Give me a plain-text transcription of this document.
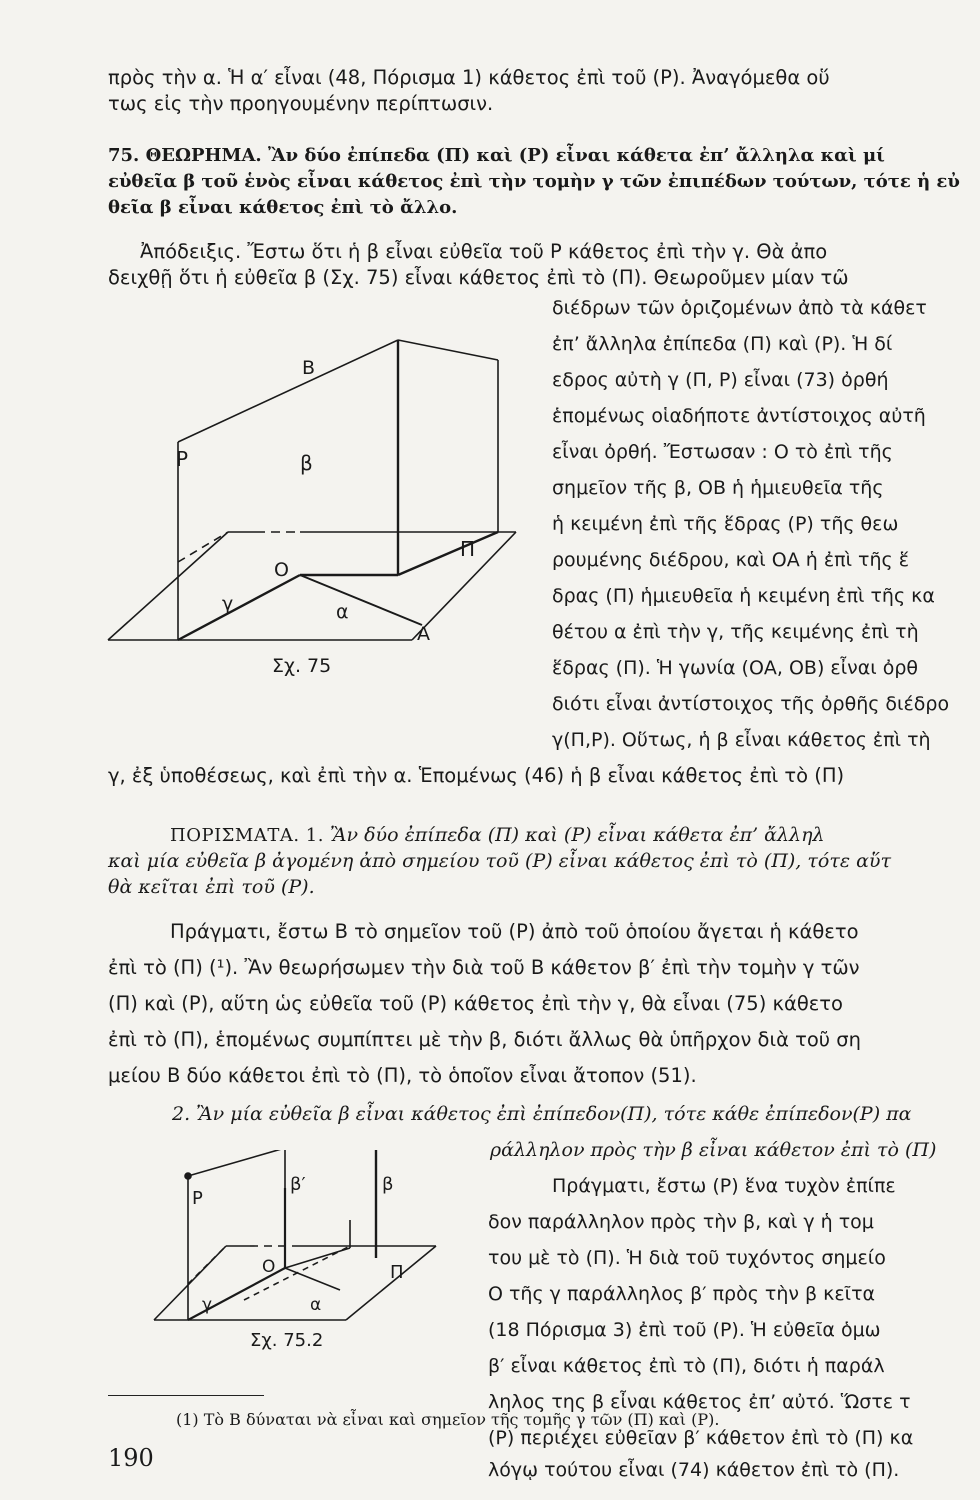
πρὸς τὴν α. Ἡ α′ εἶναι (48, Πόρισμα 1) κάθετος ἐπὶ τοῦ (Ρ). Ἀναγόμεθα οὕ
τως εἰς τὴν προηγουμένην περίπτωσιν.
75. ΘΕΩΡΗΜΑ. Ἂν δύο ἐπίπεδα (Π) καὶ (Ρ) εἶναι κάθετα ἐπ’ ἄλληλα καὶ μί
εὐθεῖα β τοῦ ἑνὸς εἶναι κάθετος ἐπὶ τὴν τομὴν γ τῶν ἐπιπέδων τούτων, τότε ἡ εὐ
θεῖα β εἶναι κάθετος ἐπὶ τὸ ἄλλο.
Ἀπόδειξις. Ἔστω ὅτι ἡ β εἶναι εὐθεῖα τοῦ Ρ κάθετος ἐπὶ τὴν γ. Θὰ ἀπο
δειχθῇ ὅτι ἡ εὐθεῖα β (Σχ. 75) εἶναι κάθετος ἐπὶ τὸ (Π). Θεωροῦμεν μίαν τῶ
διέδρων τῶν ὁριζομένων ἀπὸ τὰ κάθετ
ἐπ’ ἄλληλα ἐπίπεδα (Π) καὶ (Ρ). Ἡ δί
εδρος αὐτὴ γ (Π, Ρ) εἶναι (73) ὀρθή
ἑπομένως οἱαδήποτε ἀντίστοιχος αὐτῆ
εἶναι ὀρθή. Ἔστωσαν : Ο τὸ ἐπὶ τῆς
σημεῖον τῆς β, ΟΒ ἡ ἡμιευθεῖα τῆς
ἡ κειμένη ἐπὶ τῆς ἕδρας (Ρ) τῆς θεω
ρουμένης διέδρου, καὶ ΟΑ ἡ ἐπὶ τῆς ἕ
δρας (Π) ἡμιευθεῖα ἡ κειμένη ἐπὶ τῆς κα
θέτου α ἐπὶ τὴν γ, τῆς κειμένης ἐπὶ τὴ
ἕδρας (Π). Ἡ γωνία (ΟΑ, ΟΒ) εἶναι ὀρθ
διότι εἶναι ἀντίστοιχος τῆς ὀρθῆς διέδρο
γ(Π,Ρ). Οὕτως, ἡ β εἶναι κάθετος ἐπὶ τὴ
γ, ἐξ ὑποθέσεως, καὶ ἐπὶ τὴν α. Ἑπομένως (46) ἡ β εἶναι κάθετος ἐπὶ τὸ (Π)
P
B
β
Π
O
γ	α
A
Σχ. 75
ΠΟΡΙΣΜΑΤΑ. 1. Ἂν δύο ἐπίπεδα (Π) καὶ (Ρ) εἶναι κάθετα ἐπ’ ἄλληλ
καὶ μία εὐθεῖα β ἀγομένη ἀπὸ σημείου τοῦ (Ρ) εἶναι κάθετος ἐπὶ τὸ (Π), τότε αὕτ
θὰ κεῖται ἐπὶ τοῦ (Ρ).
Πράγματι, ἔστω Β τὸ σημεῖον τοῦ (Ρ) ἀπὸ τοῦ ὁποίου ἄγεται ἡ κάθετο
ἐπὶ τὸ (Π) (¹). Ἂν θεωρήσωμεν τὴν διὰ τοῦ Β κάθετον β′ ἐπὶ τὴν τομὴν γ τῶν
(Π) καὶ (Ρ), αὕτη ὡς εὐθεῖα τοῦ (Ρ) κάθετος ἐπὶ τὴν γ, θὰ εἶναι (75) κάθετο
ἐπὶ τὸ (Π), ἑπομένως συμπίπτει μὲ τὴν β, διότι ἄλλως θὰ ὑπῆρχον διὰ τοῦ ση
μείου Β δύο κάθετοι ἐπὶ τὸ (Π), τὸ ὁποῖον εἶναι ἄτοπον (51).
2. Ἂν μία εὐθεῖα β εἶναι κάθετος ἐπὶ ἐπίπεδον(Π), τότε κάθε ἐπίπεδον(Ρ) πα
ράλληλον πρὸς τὴν β εἶναι κάθετον ἐπὶ τὸ (Π)
Πράγματι, ἔστω (Ρ) ἕνα τυχὸν ἐπίπε
δον παράλληλον πρὸς τὴν β, καὶ γ ἡ τομ
του μὲ τὸ (Π). Ἡ διὰ τοῦ τυχόντος σημείο
Ο τῆς γ παράλληλος β′ πρὸς τὴν β κεῖτα
(18 Πόρισμα 3) ἐπὶ τοῦ (Ρ). Ἡ εὐθεῖα ὁμω
β′ εἶναι κάθετος ἐπὶ τὸ (Π), διότι ἡ παράλ
ληλος της β εἶναι κάθετος ἐπ’ αὐτό. Ὥστε τ
(Ρ) περιέχει εὐθεῖαν β′ κάθετον ἐπὶ τὸ (Π) κα
λόγῳ τούτου εἶναι (74) κάθετον ἐπὶ τὸ (Π).
P
β′	β
O	Π
γ	α
Σχ. 75.2
(1) Τὸ Β δύναται νὰ εἶναι καὶ σημεῖον τῆς τομῆς γ τῶν (Π) καὶ (Ρ).
190
